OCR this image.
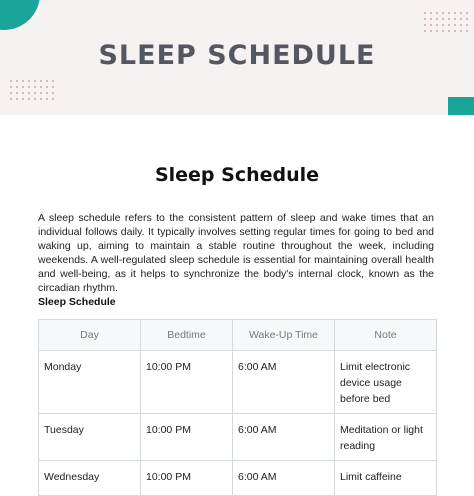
SLEEP SCHEDULE
Sleep Schedule
A sleep schedule refers to the consistent pattern of sleep and wake times that an individual follows daily. It typically involves setting regular times for going to bed and waking up, aiming to maintain a stable routine throughout the week, including weekends. A well-regulated sleep schedule is essential for maintaining overall health and well-being, as it helps to synchronize the body's internal clock, known as the circadian rhythm.
Sleep Schedule
Day	Bedtime	Wake-Up Time	Note
Monday	10:00 PM	6:00 AM	Limit electronic device usage before bed
Tuesday	10:00 PM	6:00 AM	Meditation or light reading
Wednesday	10:00 PM	6:00 AM	Limit caffeine
